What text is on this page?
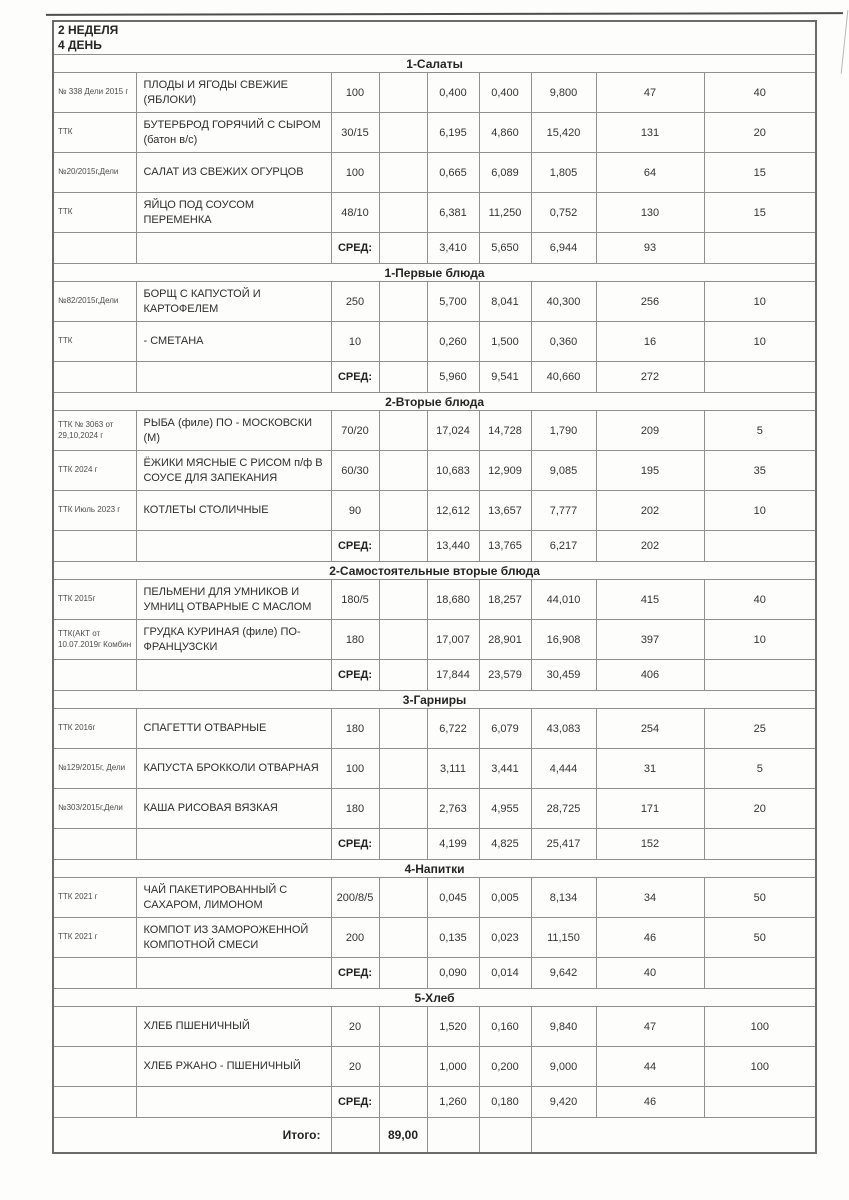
2 НЕДЕЛЯ
4 ДЕНЬ								

1-Салаты								
№ 338 Дели 2015 г	ПЛОДЫ И ЯГОДЫ СВЕЖИЕ (ЯБЛОКИ)	100		0,400	0,400	9,800	47	40
ТТК	БУТЕРБРОД ГОРЯЧИЙ С СЫРОМ (батон в/с)	30/15		6,195	4,860	15,420	131	20
№20/2015г,Дели	САЛАТ ИЗ СВЕЖИХ ОГУРЦОВ	100		0,665	6,089	1,805	64	15
ТТК	ЯЙЦО ПОД СОУСОМ ПЕРЕМЕНКА	48/10		6,381	11,250	0,752	130	15
		СРЕД:		3,410	5,650	6,944	93	
1-Первые блюда								
№82/2015г,Дели	БОРЩ С КАПУСТОЙ И КАРТОФЕЛЕМ	250		5,700	8,041	40,300	256	10
ТТК	- СМЕТАНА	10		0,260	1,500	0,360	16	10
		СРЕД:		5,960	9,541	40,660	272	
2-Вторые блюда								
ТТК № 3063 от 29,10,2024 г	РЫБА (филе) ПО - МОСКОВСКИ (М)	70/20		17,024	14,728	1,790	209	5
ТТК 2024 г	ЁЖИКИ МЯСНЫЕ С РИСОМ п/ф В СОУСЕ ДЛЯ ЗАПЕКАНИЯ	60/30		10,683	12,909	9,085	195	35
ТТК Июль 2023 г	КОТЛЕТЫ СТОЛИЧНЫЕ	90		12,612	13,657	7,777	202	10
		СРЕД:		13,440	13,765	6,217	202	
2-Самостоятельные вторые блюда								
ТТК 2015г	ПЕЛЬМЕНИ ДЛЯ УМНИКОВ И УМНИЦ ОТВАРНЫЕ С МАСЛОМ	180/5		18,680	18,257	44,010	415	40
ТТК(АКТ от 10.07.2019г Комбин	ГРУДКА КУРИНАЯ (филе) ПО-ФРАНЦУЗСКИ	180		17,007	28,901	16,908	397	10
		СРЕД:		17,844	23,579	30,459	406	
3-Гарниры								
ТТК 2016г	СПАГЕТТИ ОТВАРНЫЕ	180		6,722	6,079	43,083	254	25
№129/2015г, Дели	КАПУСТА БРОККОЛИ ОТВАРНАЯ	100		3,111	3,441	4,444	31	5
№303/2015г,Дели	КАША РИСОВАЯ ВЯЗКАЯ	180		2,763	4,955	28,725	171	20
		СРЕД:		4,199	4,825	25,417	152	
4-Напитки								
ТТК 2021 г	ЧАЙ ПАКЕТИРОВАННЫЙ С САХАРОМ, ЛИМОНОМ	200/8/5		0,045	0,005	8,134	34	50
ТТК 2021 г	КОМПОТ ИЗ ЗАМОРОЖЕННОЙ КОМПОТНОЙ СМЕСИ	200		0,135	0,023	11,150	46	50
		СРЕД:		0,090	0,014	9,642	40	
5-Хлеб								
	ХЛЕБ ПШЕНИЧНЫЙ	20		1,520	0,160	9,840	47	100
	ХЛЕБ РЖАНО - ПШЕНИЧНЫЙ	20		1,000	0,200	9,000	44	100
		СРЕД:		1,260	0,180	9,420	46	
Итого:			89,00					
